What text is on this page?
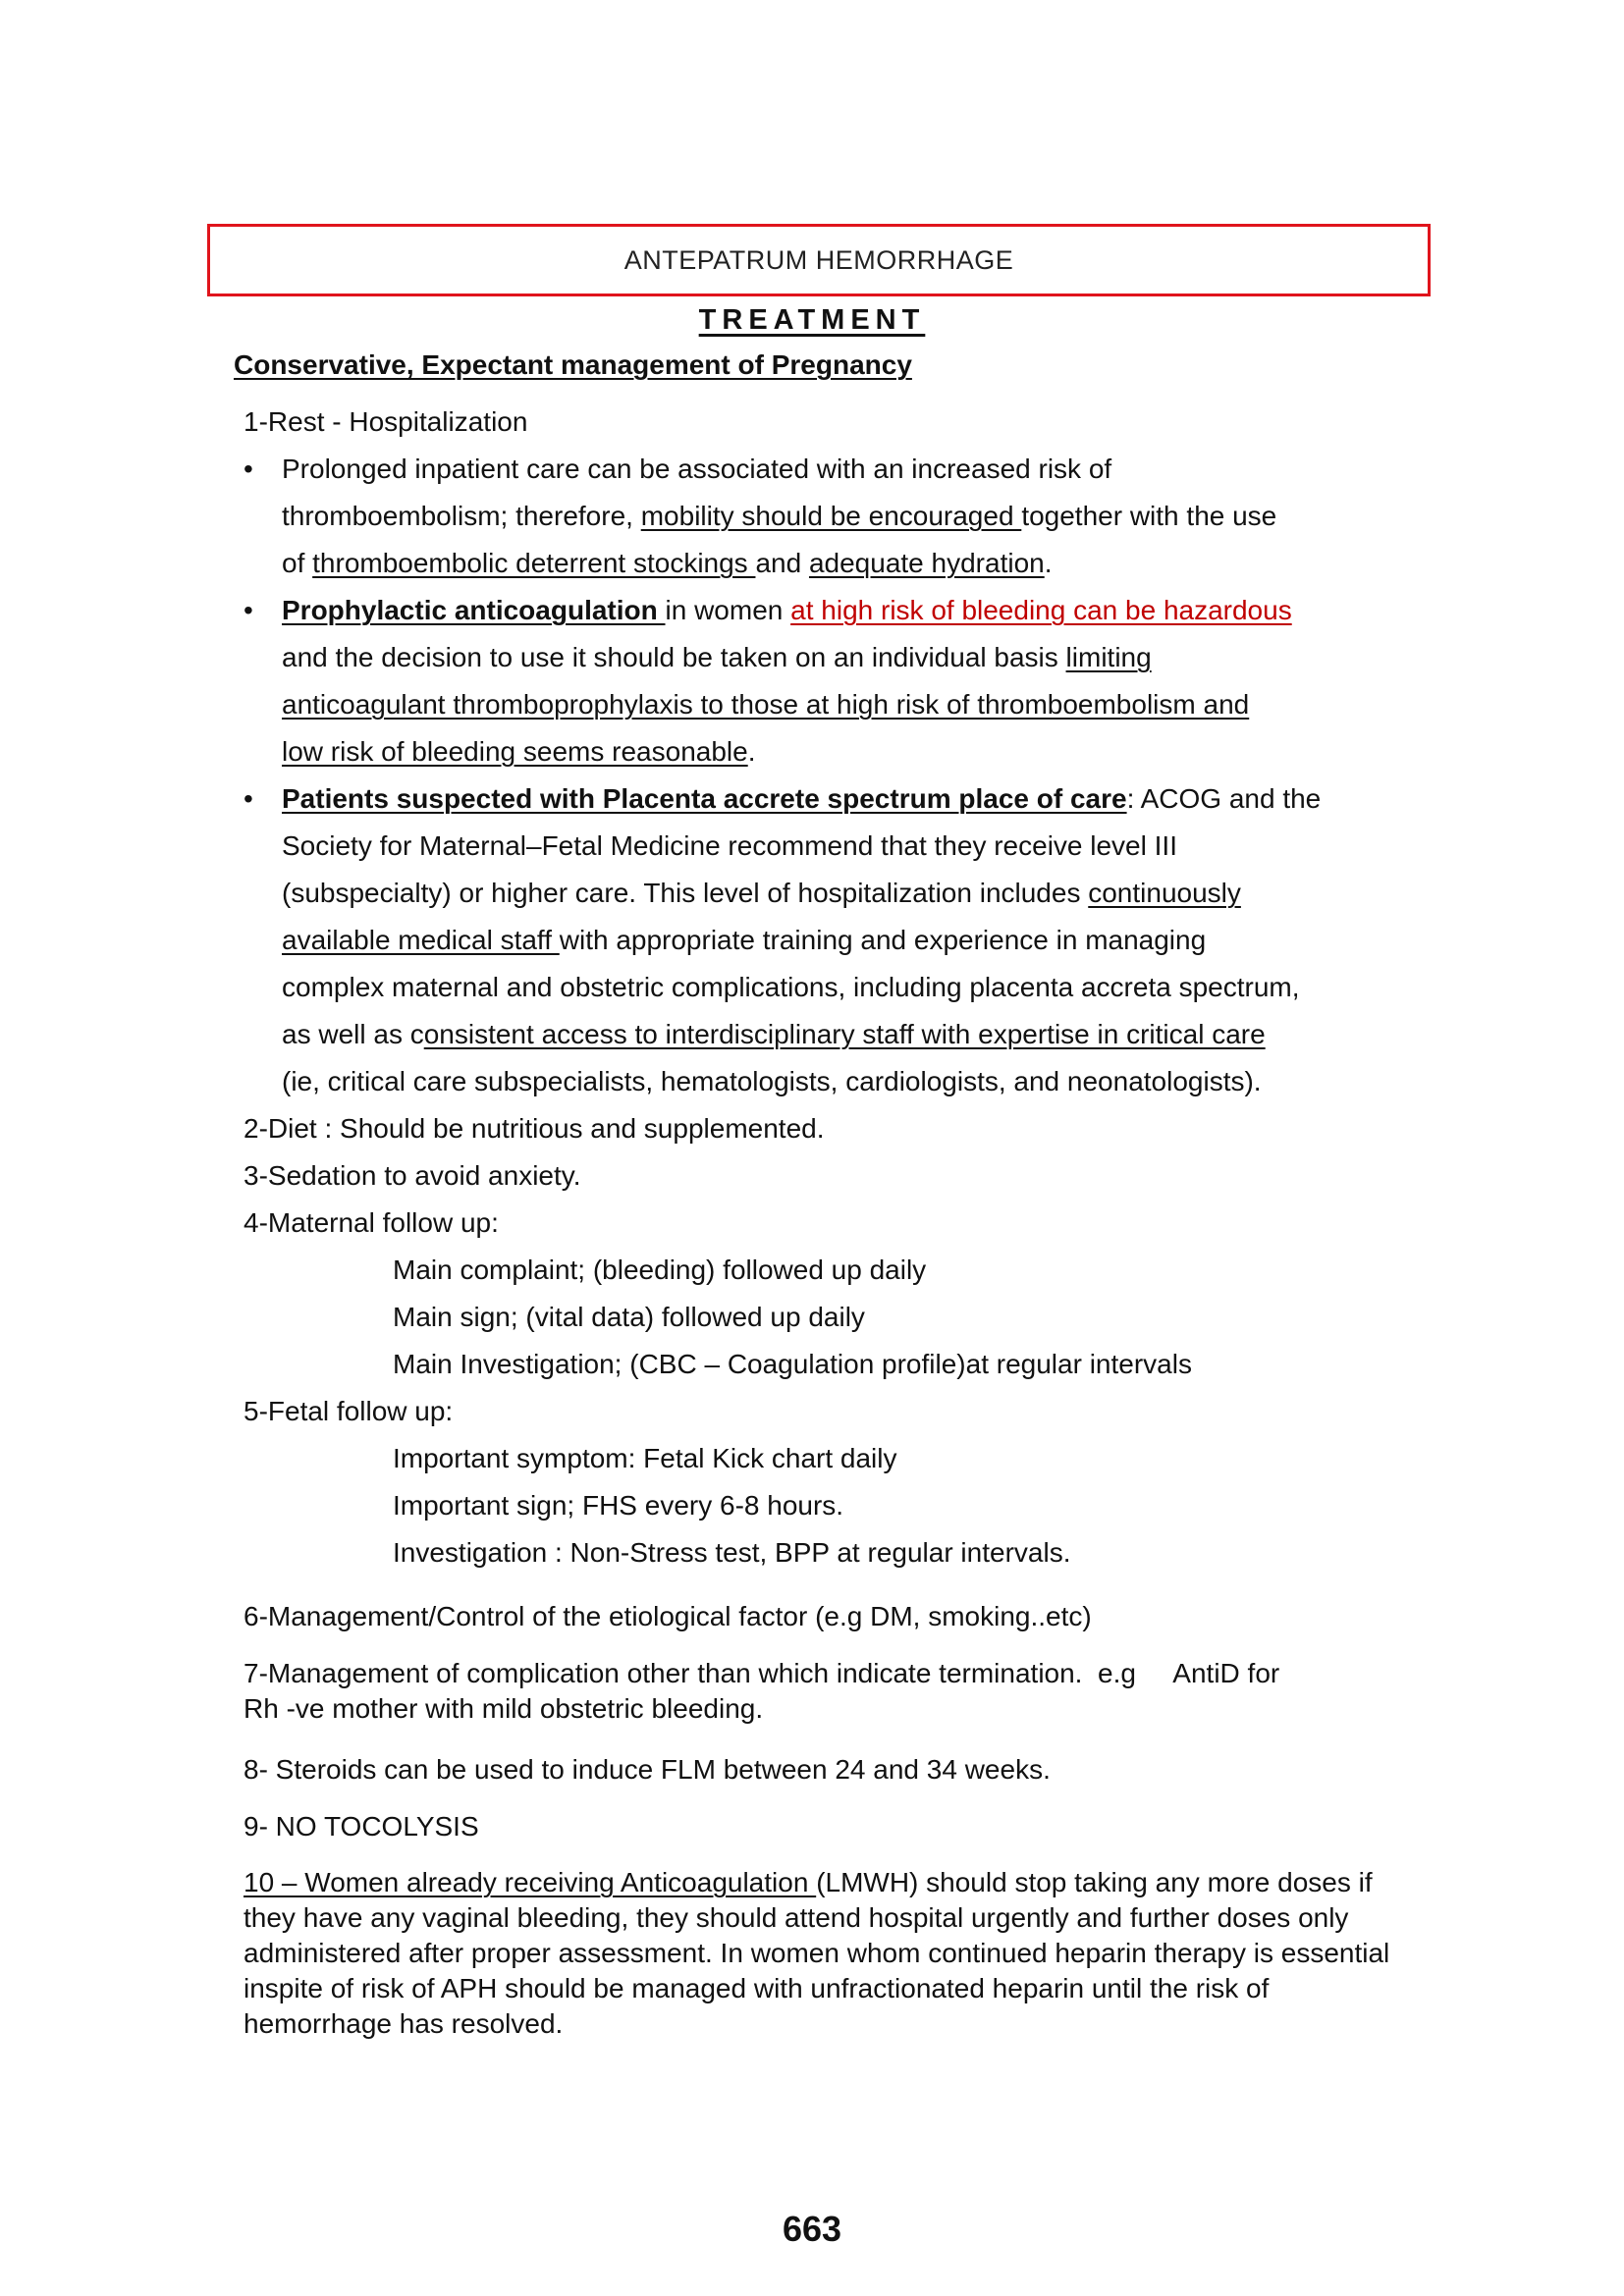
ANTEPATRUM HEMORRHAGE
TREATMENT
Conservative, Expectant management of Pregnancy
1-Rest - Hospitalization
• Prolonged inpatient care can be associated with an increased risk of
thromboembolism; therefore, mobility should be encouraged together with the use
of thromboembolic deterrent stockings and adequate hydration.
• Prophylactic anticoagulation in women at high risk of bleeding can be hazardous
and the decision to use it should be taken on an individual basis limiting
anticoagulant thromboprophylaxis to those at high risk of thromboembolism and
low risk of bleeding seems reasonable.
• Patients suspected with Placenta accrete spectrum place of care: ACOG and the
Society for Maternal–Fetal Medicine recommend that they receive level III
(subspecialty) or higher care. This level of hospitalization includes continuously
available medical staff with appropriate training and experience in managing
complex maternal and obstetric complications, including placenta accreta spectrum,
as well as consistent access to interdisciplinary staff with expertise in critical care
(ie, critical care subspecialists, hematologists, cardiologists, and neonatologists).
2-Diet : Should be nutritious and supplemented.
3-Sedation to avoid anxiety.
4-Maternal follow up:
Main complaint; (bleeding) followed up daily
Main sign; (vital data) followed up daily
Main Investigation; (CBC – Coagulation profile)at regular intervals
5-Fetal follow up:
Important symptom: Fetal Kick chart daily
Important sign; FHS every 6-8 hours.
Investigation : Non-Stress test, BPP at regular intervals.
6-Management/Control of the etiological factor (e.g DM, smoking..etc)
7-Management of complication other than which indicate termination.  e.g     AntiD for
Rh -ve mother with mild obstetric bleeding.
8- Steroids can be used to induce FLM between 24 and 34 weeks.
9- NO TOCOLYSIS
10 – Women already receiving Anticoagulation (LMWH) should stop taking any more doses if they have any vaginal bleeding, they should attend hospital urgently and further doses only administered after proper assessment. In women whom continued heparin therapy is essential inspite of risk of APH should be managed with unfractionated heparin until the risk of hemorrhage has resolved.
663
